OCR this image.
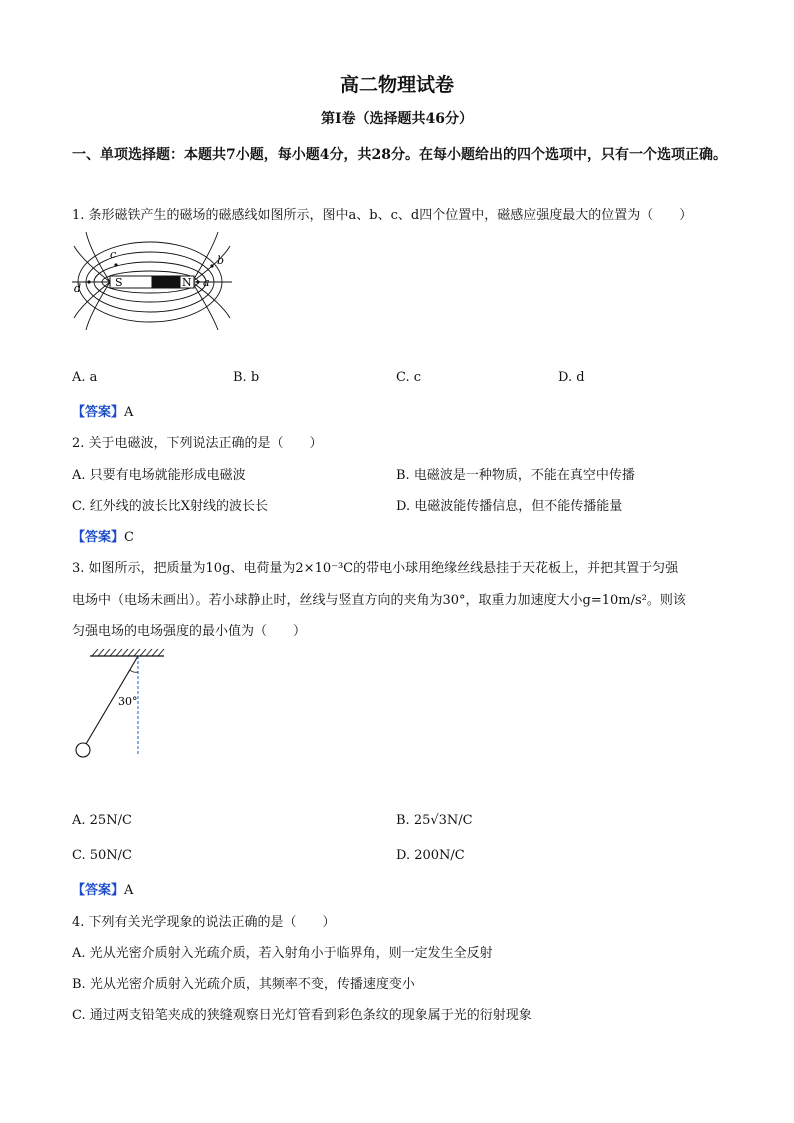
高二物理试卷
第Ⅰ卷（选择题共46分）
一、单项选择题：本题共7小题，每小题4分，共28分。在每小题给出的四个选项中，只有一个选项正确。
1. 条形磁铁产生的磁场的磁感线如图所示，图中a、b、c、d四个位置中，磁感应强度最大的位置为（　　）
S	N a
b
c
d
A. a	B. b	C. c	D. d
【答案】A
2. 关于电磁波，下列说法正确的是（　　）
A. 只要有电场就能形成电磁波	B. 电磁波是一种物质，不能在真空中传播
C. 红外线的波长比X射线的波长长	D. 电磁波能传播信息，但不能传播能量
【答案】C
3. 如图所示，把质量为10g、电荷量为2×10⁻³C的带电小球用绝缘丝线悬挂于天花板上，并把其置于匀强
电场中（电场未画出）。若小球静止时，丝线与竖直方向的夹角为30°，取重力加速度大小g=10m/s²。则该
匀强电场的电场强度的最小值为（　　）
30°
A. 25N/C	B. 25√3N/C
C. 50N/C	D. 200N/C
【答案】A
4. 下列有关光学现象的说法正确的是（　　）
A. 光从光密介质射入光疏介质，若入射角小于临界角，则一定发生全反射
B. 光从光密介质射入光疏介质，其频率不变，传播速度变小
C. 通过两支铅笔夹成的狭缝观察日光灯管看到彩色条纹的现象属于光的衍射现象
